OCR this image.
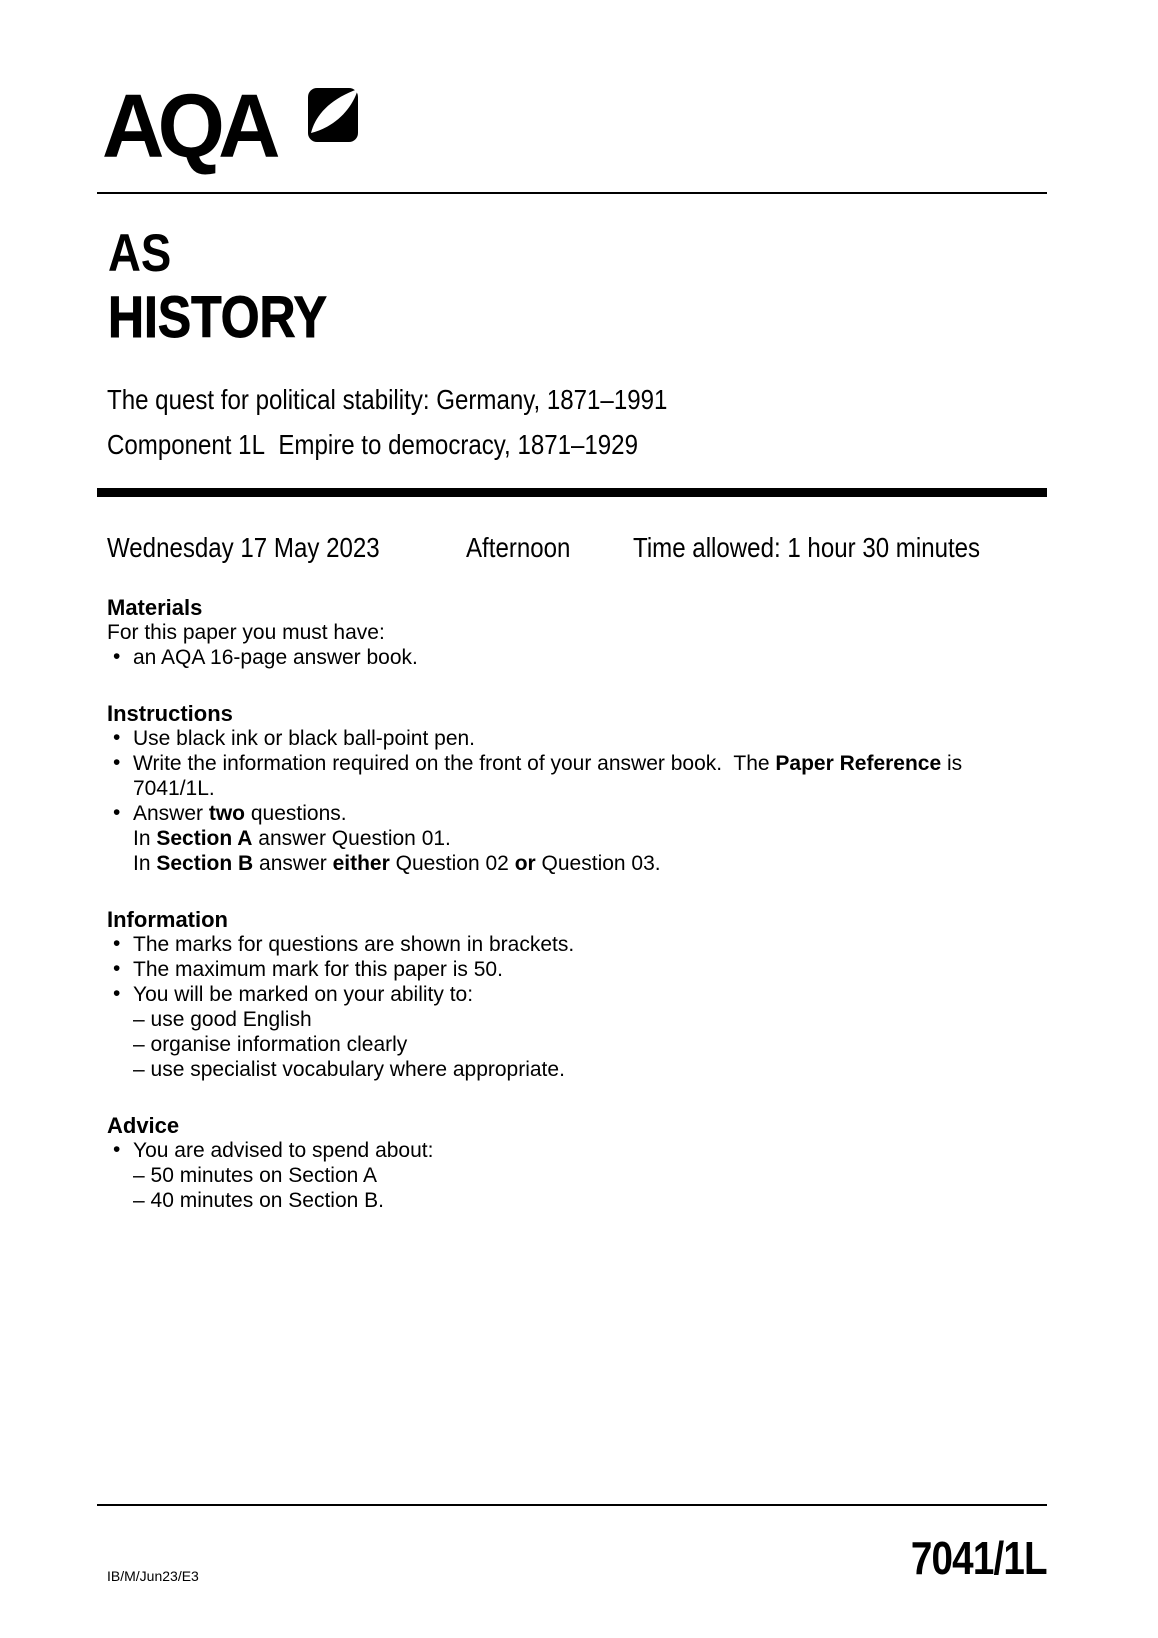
AQA
AS
HISTORY
The quest for political stability: Germany, 1871–1991
Component 1L  Empire to democracy, 1871–1929
Wednesday 17 May 2023	Afternoon	Time allowed: 1 hour 30 minutes
Materials
For this paper you must have:
• an AQA 16-page answer book.
Instructions
• Use black ink or black ball-point pen.
• Write the information required on the front of your answer book.  The Paper Reference is
7041/1L.
• Answer two questions.
In Section A answer Question 01.
In Section B answer either Question 02 or Question 03.
Information
• The marks for questions are shown in brackets.
• The maximum mark for this paper is 50.
• You will be marked on your ability to:
– use good English
– organise information clearly
– use specialist vocabulary where appropriate.
Advice
• You are advised to spend about:
– 50 minutes on Section A
– 40 minutes on Section B.
IB/M/Jun23/E3	7041/1L
